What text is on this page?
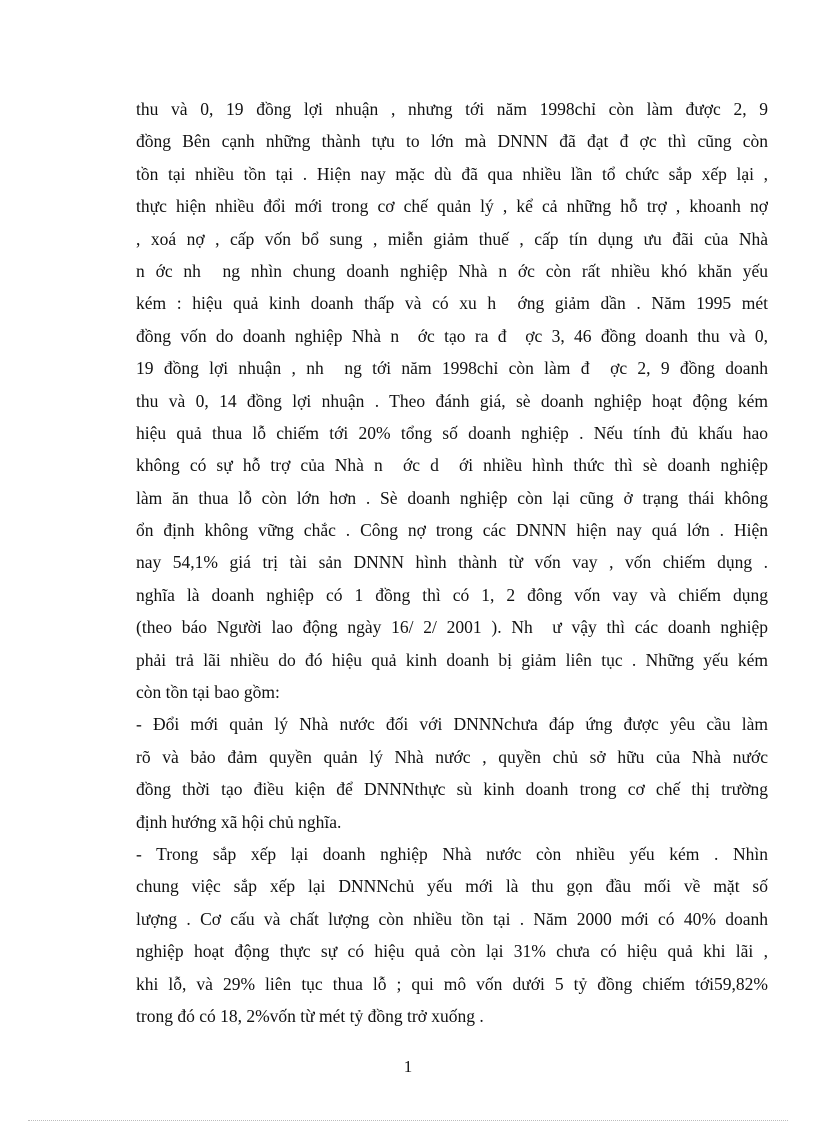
thu và 0, 19 đồng lợi nhuận , nhưng tới năm 1998chỉ còn làm được 2, 9
đồng Bên cạnh những thành tựu to lớn mà DNNN đã đạt đ ợc thì cũng còn
tồn tại nhiều tồn tại . Hiện nay mặc dù đã qua nhiều lần tổ chức sắp xếp lại ,
thực hiện nhiều đổi mới trong cơ chế quản lý , kể cả những hỗ trợ , khoanh nợ
, xoá nợ , cấp vốn bổ sung , miễn giảm thuế , cấp tín dụng ưu đãi của Nhà
n ớc nh ng nhìn chung doanh nghiệp Nhà n ớc còn rất nhiều khó khăn yếu
kém : hiệu quả kinh doanh thấp và có xu h ớng giảm dần . Năm 1995 mét
đồng vốn do doanh nghiệp Nhà n ớc tạo ra đ ợc 3, 46 đồng doanh thu và 0,
19 đồng lợi nhuận , nh ng tới năm 1998chỉ còn làm đ ợc 2, 9 đồng doanh
thu và 0, 14 đồng lợi nhuận . Theo đánh giá, sè doanh nghiệp hoạt động kém
hiệu quả thua lỗ chiếm tới 20% tổng số doanh nghiệp . Nếu tính đủ khấu hao
không có sự hỗ trợ của Nhà n ớc d ới nhiều hình thức thì sè doanh nghiệp
làm ăn thua lỗ còn lớn hơn . Sè doanh nghiệp còn lại cũng ở trạng thái không
ổn định không vững chắc . Công nợ trong các DNNN hiện nay quá lớn . Hiện
nay 54,1% giá trị tài sản DNNN hình thành từ vốn vay , vốn chiếm dụng .
nghĩa là doanh nghiệp có 1 đồng thì có 1, 2 đông vốn vay và chiếm dụng
(theo báo Người lao động ngày 16/ 2/ 2001 ). Nh ư vậy thì các doanh nghiệp
phải trả lãi nhiều do đó hiệu quả kinh doanh bị giảm liên tục . Những yếu kém
còn tồn tại bao gồm:
- Đổi mới quản lý Nhà nước đối với DNNNchưa đáp ứng được yêu cầu làm
rõ và bảo đảm quyền quản lý Nhà nước , quyền chủ sở hữu của Nhà nước
đồng thời tạo điều kiện để DNNNthực sù kinh doanh trong cơ chế thị trường
định hướng xã hội chủ nghĩa.
- Trong sắp xếp lại doanh nghiệp Nhà nước còn nhiều yếu kém . Nhìn
chung việc sắp xếp lại DNNNchủ yếu mới là thu gọn đầu mối về mặt số
lượng . Cơ cấu và chất lượng còn nhiều tồn tại . Năm 2000 mới có 40% doanh
nghiệp hoạt động thực sự có hiệu quả còn lại 31% chưa có hiệu quả khi lãi ,
khi lỗ, và 29% liên tục thua lỗ ; qui mô vốn dưới 5 tỷ đồng chiếm tới59,82%
trong đó có 18, 2%vốn từ mét tỷ đồng trở xuống .
1
